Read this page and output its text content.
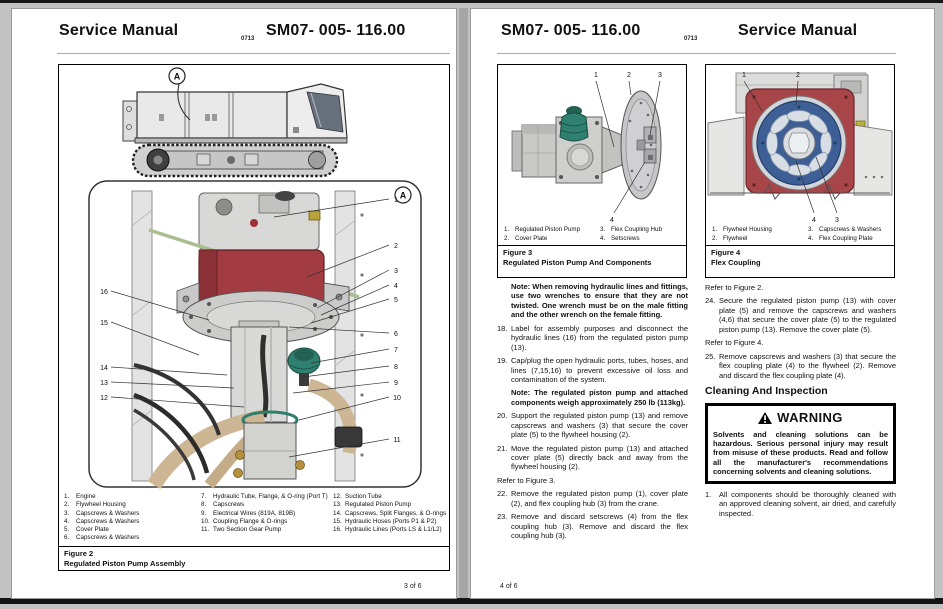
Service Manual	0713 SM07- 005- 116.00
A
A
1
2
3
4
5
6
7
8
9
10
11
16
15
14
13
12
1.	Engine
2.	Flywheel Housing
3.	Capscrews & Washers
4.	Capscrews & Washers
5.	Cover Plate
6.	Capscrews & Washers
7.	Hydraulic Tube, Flange, & O-ring (Port T)
8.	Capscrews
9.	Electrical Wires (819A, 819B)
10. Coupling Flange & O-rings
11. Two Section Gear Pump
12. Suction Tube
13. Regulated Piston Pump
14. Capscrews, Split Flanges, & O-rings
15. Hydraulic Hoses (Ports P1 & P2)
16. Hydraulic Lines (Ports LS & L1/L2)
Figure 2
Regulated Piston Pump Assembly
3 of 6
SM07- 005- 116.00	0713	Service Manual
1	2	3
4
1. Regulated Piston Pump	3. Flex Coupling Hub
2. Cover Plate	4. Setscrews
Figure 3
Regulated Piston Pump And Components
1	2
4	3
1. Flywheel Housing	3. Capscrews & Washers
2. Flywheel	4. Flex Coupling Plate
Figure 4
Flex Coupling

Note: When removing hydraulic lines and fittings, use two wrenches to ensure that they are not twisted. One wrench must be on the male fitting and the other wrench on the female fitting.

18. Label for assembly purposes and disconnect the hydraulic lines (16) from the regulated piston pump (13).
19. Cap/plug the open hydraulic ports, tubes, hoses, and lines (7,15,16) to prevent excessive oil loss and contamination of the system.

Note: The regulated piston pump and attached components weigh approximately 250 lb (113kg).

20. Support the regulated piston pump (13) and remove capscrews and washers (3) that secure the cover plate (5) to the flywheel housing (2).
21. Move the regulated piston pump (13) and attached cover plate (5) directly back and away from the flywheel housing (2).

Refer to Figure 3.

22. Remove the regulated piston pump (1), cover plate (2), and flex coupling hub (3) from the crane.
23. Remove and discard setscrews (4) from the flex coupling hub (3). Remove and discard the flex coupling hub (3).

Refer to Figure 2.

24. Secure the regulated piston pump (13) with cover plate (5) and remove the capscrews and washers (4,6) that secure the cover plate (5) to the regulated piston pump (13). Remove the cover plate (5).

Refer to Figure 4.

25. Remove capscrews and washers (3) that secure the flex coupling plate (4) to the flywheel (2). Remove and discard the flex coupling plate (4).
Cleaning And Inspection
WARNING
Solvents and cleaning solutions can be hazardous. Serious personal injury may result from misuse of these products. Read and follow all the manufacturer's recommendations concerning solvents and cleaning solutions.
1.	All components should be thoroughly cleaned with an approved cleaning solvent, air dried, and carefully inspected.
4 of 6
